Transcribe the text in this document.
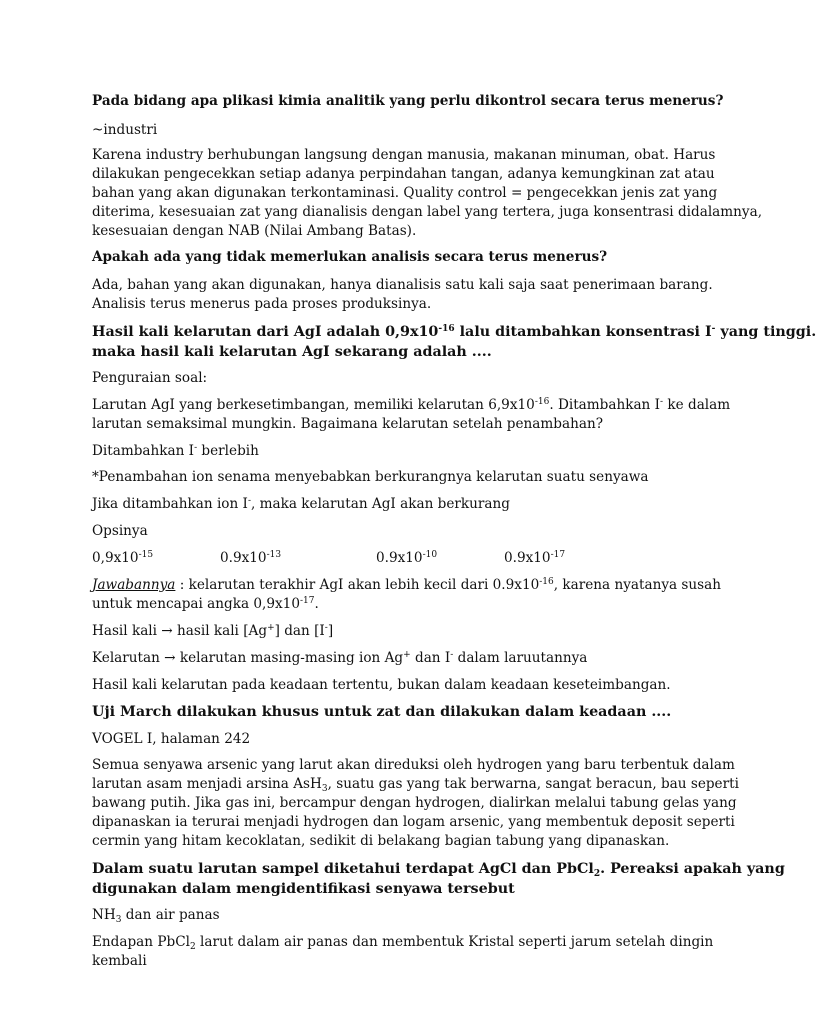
Pada bidang apa plikasi kimia analitik yang perlu dikontrol secara terus menerus?

~industri

Karena industry berhubungan langsung dengan manusia, makanan minuman, obat. Harus

dilakukan pengecekkan setiap adanya perpindahan tangan, adanya kemungkinan zat atau

bahan yang akan digunakan terkontaminasi. Quality control = pengecekkan jenis zat yang

diterima, kesesuaian zat yang dianalisis dengan label yang tertera, juga konsentrasi didalamnya,

kesesuaian dengan NAB (Nilai Ambang Batas).

Apakah ada yang tidak memerlukan analisis secara terus menerus?

Ada, bahan yang akan digunakan, hanya dianalisis satu kali saja saat penerimaan barang.

Analisis terus menerus pada proses produksinya.

Hasil kali kelarutan dari AgI adalah $0,9x10^{-16}$ lalu ditambahkan konsentrasi I- yang tinggi.

maka hasil kali kelarutan AgI sekarang adalah ....

Penguraian soal:

Larutan AgI yang berkesetimbangan, memiliki kelarutan $6,9x10^{-16}$. Ditambahkan I- ke dalam

larutan semaksimal mungkin. Bagaimana kelarutan setelah penambahan?

Ditambahkan I- berlebih

*Penambahan ion senama menyebabkan berkurangnya kelarutan suatu senyawa

Jika ditambahkan ion I-, maka kelarutan AgI akan berkurang

Opsinya

$0,9x10^{-15}$	$0.9x10^{-13}$	$0.9x10^{-10}$	$0.9x10^{-17}$

Jawabannya : kelarutan terakhir AgI akan lebih kecil dari $0.9x10^{-16}$, karena nyatanya susah

untuk mencapai angka $0,9x10^{-17}$.

Hasil kali → hasil kali [Ag+] dan [I-]

Kelarutan → kelarutan masing-masing ion Ag+ dan I- dalam laruutannya

Hasil kali kelarutan pada keadaan tertentu, bukan dalam keadaan keseteimbangan.

Uji March dilakukan khusus untuk zat dan dilakukan dalam keadaan ....

VOGEL I, halaman 242

Semua senyawa arsenic yang larut akan direduksi oleh hydrogen yang baru terbentuk dalam

larutan asam menjadi arsina AsH$_3$, suatu gas yang tak berwarna, sangat beracun, bau seperti

bawang putih. Jika gas ini, bercampur dengan hydrogen, dialirkan melalui tabung gelas yang

dipanaskan ia terurai menjadi hydrogen dan logam arsenic, yang membentuk deposit seperti

cermin yang hitam kecoklatan, sedikit di belakang bagian tabung yang dipanaskan.

Dalam suatu larutan sampel diketahui terdapat AgCl dan PbCl$_2$. Pereaksi apakah yang

digunakan dalam mengidentifikasi senyawa tersebut

$NH_3$ dan air panas

Endapan PbCl$_2$ larut dalam air panas dan membentuk Kristal seperti jarum setelah dingin

kembali
